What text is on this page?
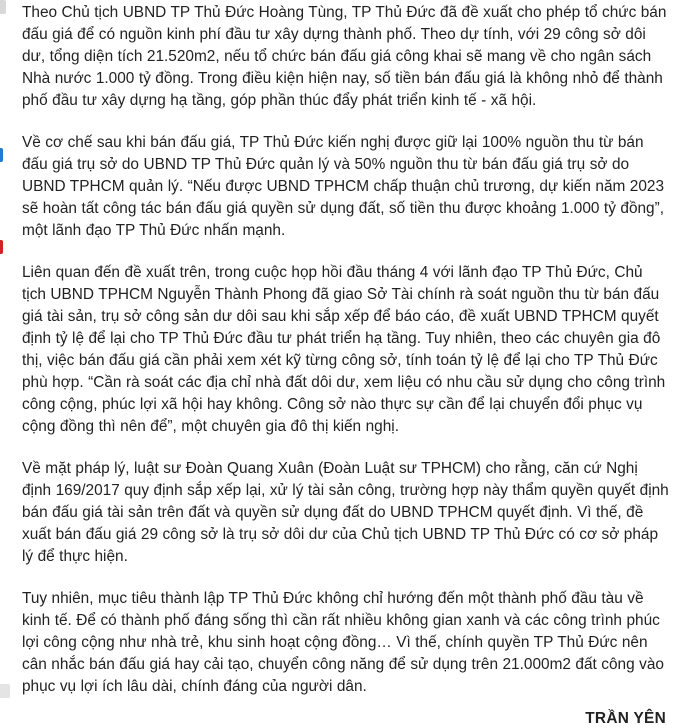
Theo Chủ tịch UBND TP Thủ Đức Hoàng Tùng, TP Thủ Đức đã đề xuất cho phép tổ chức bán đấu giá để có nguồn kinh phí đầu tư xây dựng thành phố. Theo dự tính, với 29 công sở dôi dư, tổng diện tích 21.520m2, nếu tổ chức bán đấu giá công khai sẽ mang về cho ngân sách Nhà nước 1.000 tỷ đồng. Trong điều kiện hiện nay, số tiền bán đấu giá là không nhỏ để thành phố đầu tư xây dựng hạ tầng, góp phần thúc đẩy phát triển kinh tế - xã hội.

Về cơ chế sau khi bán đấu giá, TP Thủ Đức kiến nghị được giữ lại 100% nguồn thu từ bán đấu giá trụ sở do UBND TP Thủ Đức quản lý và 50% nguồn thu từ bán đấu giá trụ sở do UBND TPHCM quản lý. “Nếu được UBND TPHCM chấp thuận chủ trương, dự kiến năm 2023 sẽ hoàn tất công tác bán đấu giá quyền sử dụng đất, số tiền thu được khoảng 1.000 tỷ đồng”, một lãnh đạo TP Thủ Đức nhấn mạnh.

Liên quan đến đề xuất trên, trong cuộc họp hồi đầu tháng 4 với lãnh đạo TP Thủ Đức, Chủ tịch UBND TPHCM Nguyễn Thành Phong đã giao Sở Tài chính rà soát nguồn thu từ bán đấu giá tài sản, trụ sở công sản dư dôi sau khi sắp xếp để báo cáo, đề xuất UBND TPHCM quyết định tỷ lệ để lại cho TP Thủ Đức đầu tư phát triển hạ tầng. Tuy nhiên, theo các chuyên gia đô thị, việc bán đấu giá cần phải xem xét kỹ từng công sở, tính toán tỷ lệ để lại cho TP Thủ Đức phù hợp. “Cần rà soát các địa chỉ nhà đất dôi dư, xem liệu có nhu cầu sử dụng cho công trình công cộng, phúc lợi xã hội hay không. Công sở nào thực sự cần để lại chuyển đổi phục vụ cộng đồng thì nên để”, một chuyên gia đô thị kiến nghị.

Về mặt pháp lý, luật sư Đoàn Quang Xuân (Đoàn Luật sư TPHCM) cho rằng, căn cứ Nghị định 169/2017 quy định sắp xếp lại, xử lý tài sản công, trường hợp này thẩm quyền quyết định bán đấu giá tài sản trên đất và quyền sử dụng đất do UBND TPHCM quyết định. Vì thế, đề xuất bán đấu giá 29 công sở là trụ sở dôi dư của Chủ tịch UBND TP Thủ Đức có cơ sở pháp lý để thực hiện.

Tuy nhiên, mục tiêu thành lập TP Thủ Đức không chỉ hướng đến một thành phố đầu tàu về kinh tế. Để có thành phố đáng sống thì cần rất nhiều không gian xanh và các công trình phúc lợi công cộng như nhà trẻ, khu sinh hoạt cộng đồng… Vì thế, chính quyền TP Thủ Đức nên cân nhắc bán đấu giá hay cải tạo, chuyển công năng để sử dụng trên 21.000m2 đất công vào phục vụ lợi ích lâu dài, chính đáng của người dân.

TRẦN YÊN
